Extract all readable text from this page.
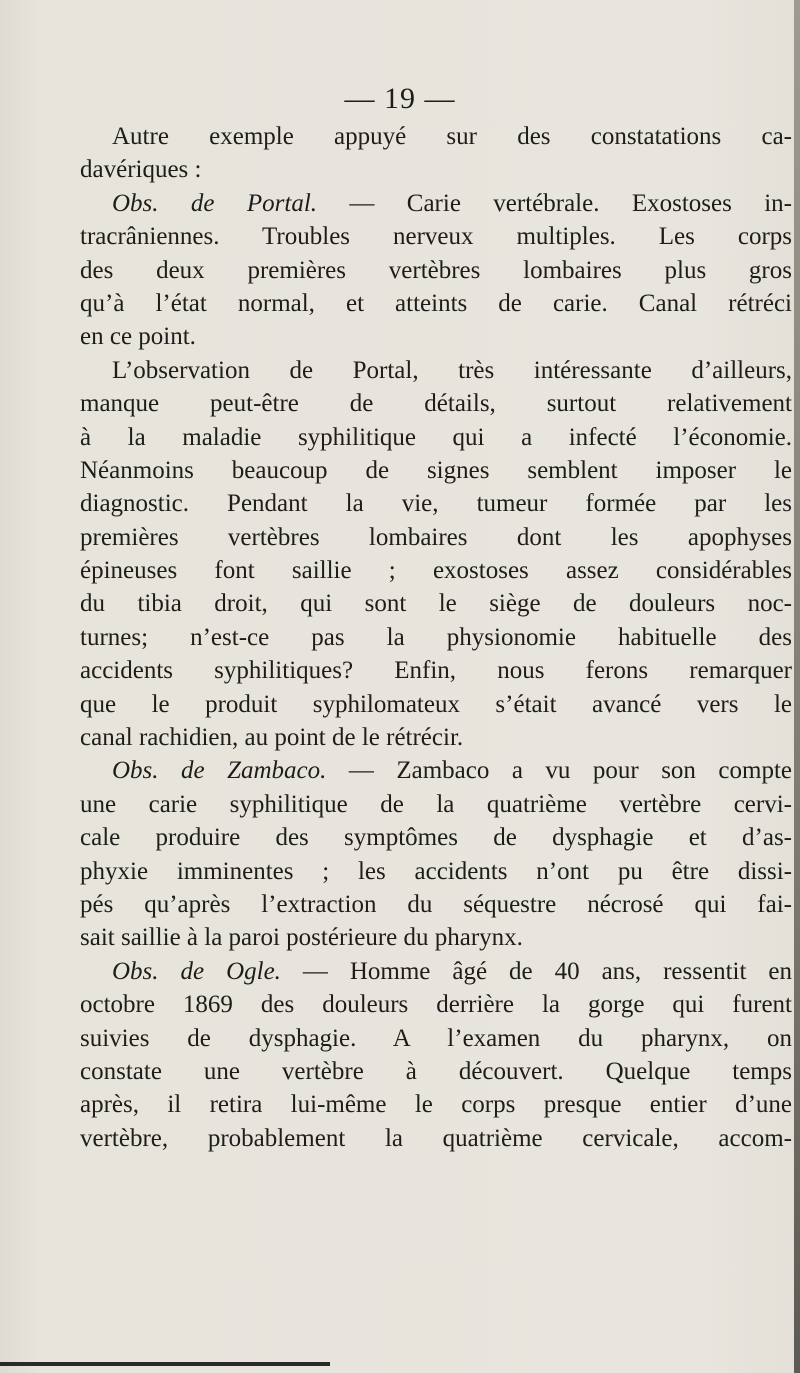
— 19 —
Autre exemple appuyé sur des constatations ca-
davériques :
Obs. de Portal. — Carie vertébrale. Exostoses in-
tracrâniennes. Troubles nerveux multiples. Les corps
des deux premières vertèbres lombaires plus gros
qu’à l’état normal, et atteints de carie. Canal rétréci
en ce point.
L’observation de Portal, très intéressante d’ailleurs,
manque peut-être de détails, surtout relativement
à la maladie syphilitique qui a infecté l’économie.
Néanmoins beaucoup de signes semblent imposer le
diagnostic. Pendant la vie, tumeur formée par les
premières vertèbres lombaires dont les apophyses
épineuses font saillie ; exostoses assez considérables
du tibia droit, qui sont le siège de douleurs noc-
turnes; n’est-ce pas la physionomie habituelle des
accidents syphilitiques? Enfin, nous ferons remarquer
que le produit syphilomateux s’était avancé vers le
canal rachidien, au point de le rétrécir.
Obs. de Zambaco. — Zambaco a vu pour son compte
une carie syphilitique de la quatrième vertèbre cervi-
cale produire des symptômes de dysphagie et d’as-
phyxie imminentes ; les accidents n’ont pu être dissi-
pés qu’après l’extraction du séquestre nécrosé qui fai-
sait saillie à la paroi postérieure du pharynx.
Obs. de Ogle. — Homme âgé de 40 ans, ressentit en
octobre 1869 des douleurs derrière la gorge qui furent
suivies de dysphagie. A l’examen du pharynx, on
constate une vertèbre à découvert. Quelque temps
après, il retira lui-même le corps presque entier d’une
vertèbre, probablement la quatrième cervicale, accom-
